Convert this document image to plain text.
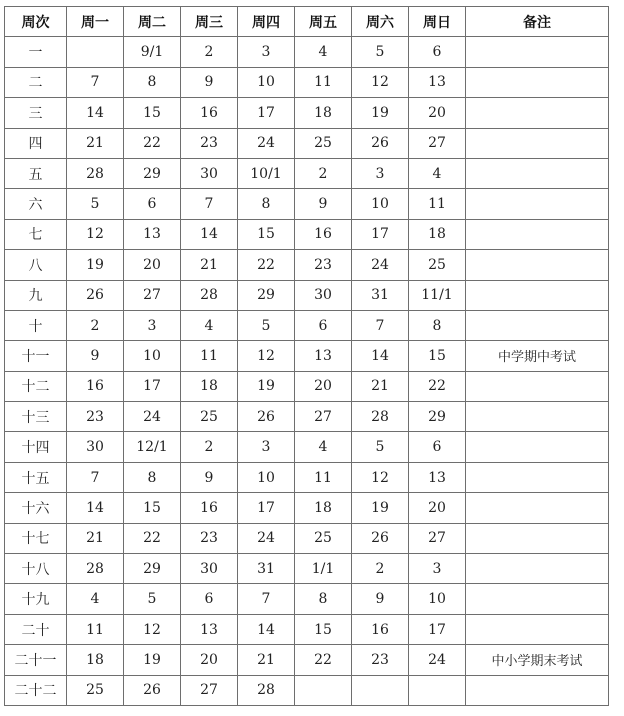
周次	周一	周二	周三	周四	周五	周六	周日	备注
一		9/1	2	3	4	5	6	
二	7	8	9	10	11	12	13	
三	14	15	16	17	18	19	20	
四	21	22	23	24	25	26	27	
五	28	29	30	10/1	2	3	4	
六	5	6	7	8	9	10	11	
七	12	13	14	15	16	17	18	
八	19	20	21	22	23	24	25	
九	26	27	28	29	30	31	11/1	
十	2	3	4	5	6	7	8	
十一	9	10	11	12	13	14	15	中学期中考试
十二	16	17	18	19	20	21	22	
十三	23	24	25	26	27	28	29	
十四	30	12/1	2	3	4	5	6	
十五	7	8	9	10	11	12	13	
十六	14	15	16	17	18	19	20	
十七	21	22	23	24	25	26	27	
十八	28	29	30	31	1/1	2	3	
十九	4	5	6	7	8	9	10	
二十	11	12	13	14	15	16	17	
二十一	18	19	20	21	22	23	24	中小学期末考试
二十二	25	26	27	28				
